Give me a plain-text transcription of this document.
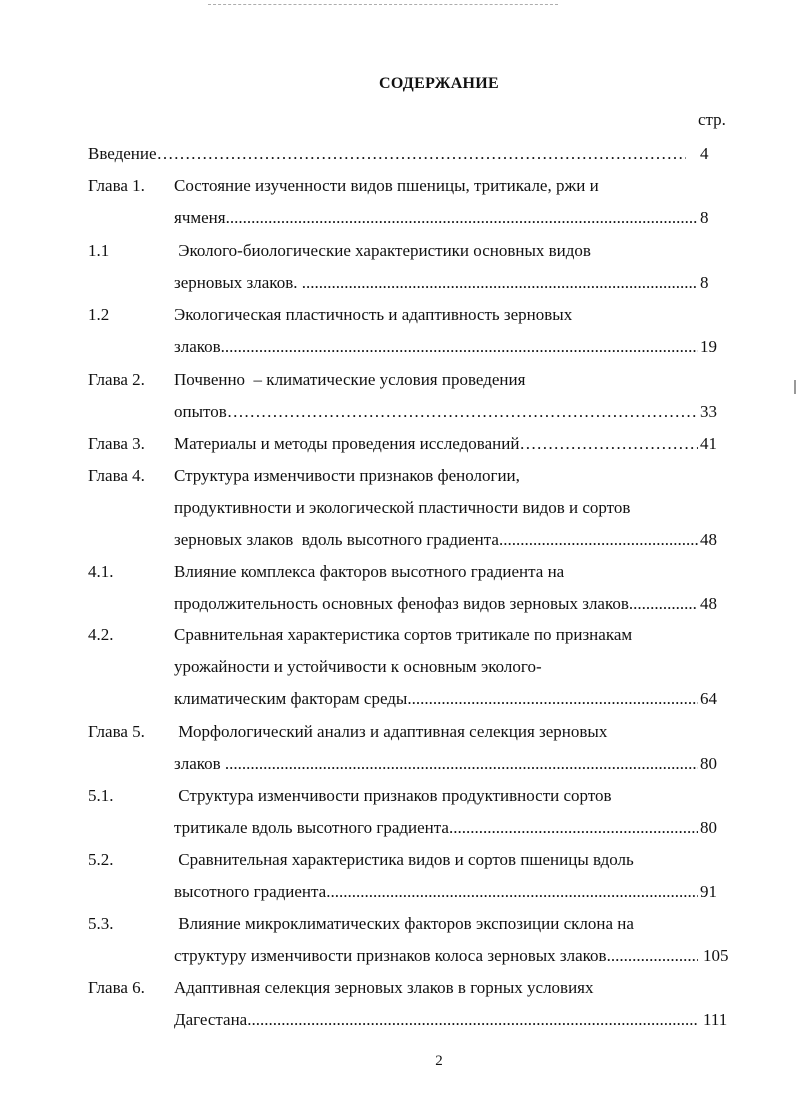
СОДЕРЖАНИЕ
стр.
Введение …………………………………………………………………………………………………………………………………………	4
Глава 1. Состояние изученности видов пшеницы, тритикале, ржи и
ячменя .....	8
1.1	Эколого-биологические характеристики основных видов
зерновых злаков. .....	8
1.2	Экологическая пластичность и адаптивность зерновых
злаков .....	19
Глава 2. Почвенно  – климатические условия проведения
опытов …………………………………………………………………………………………………………………………………………	33
Глава 3. Материалы и методы проведения исследований …………………………………………………………………………………………………………………………………………	41
Глава 4. Структура изменчивости признаков фенологии,
продуктивности и экологической пластичности видов и сортов
зерновых злаков  вдоль высотного градиента .....	48
4.1.	Влияние комплекса факторов высотного градиента на
продолжительность основных фенофаз видов зерновых злаков .....	48
4.2.	Сравнительная характеристика сортов тритикале по признакам
урожайности и устойчивости к основным эколого-
климатическим факторам среды .....	64
Глава 5. Морфологический анализ и адаптивная селекция зерновых
злаков .....	80
5.1.	Структура изменчивости признаков продуктивности сортов
тритикале вдоль высотного градиента .....	80
5.2.	Сравнительная характеристика видов и сортов пшеницы вдоль
высотного градиента .....	91
5.3.	Влияние микроклиматических факторов экспозиции склона на
структуру изменчивости признаков колоса зерновых злаков .....	105
Глава 6. Адаптивная селекция зерновых злаков в горных условиях
Дагестана .....	111
2
